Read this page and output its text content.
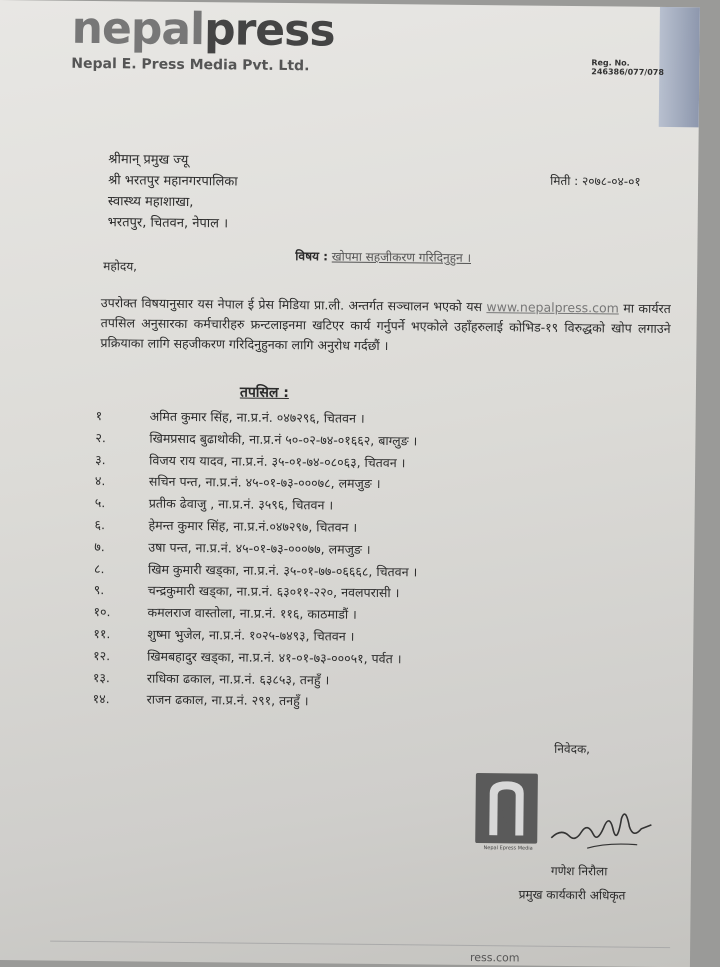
nepalpress
Nepal E. Press Media Pvt. Ltd.	Reg. No. 246386/077/078
श्रीमान् प्रमुख ज्यू
श्री भरतपुर महानगरपालिका
स्वास्थ्य महाशाखा,
भरतपुर, चितवन, नेपाल ।
मिती : २०७८-०४-०१
विषय : खोपमा सहजीकरण गरिदिनुहुन ।
महोदय,
उपरोक्त विषयानुसार यस नेपाल ई प्रेस मिडिया प्रा.ली. अन्तर्गत सञ्चालन भएको यस www.nepalpress.com मा कार्यरत तपसिल अनुसारका कर्मचारीहरु फ्रन्टलाइनमा खटिएर कार्य गर्नुपर्ने भएकोले उहाँहरुलाई कोभिड-१९ विरुद्धको खोप लगाउने प्रक्रियाका लागि सहजीकरण गरिदिनुहुनका लागि अनुरोध गर्दछौं ।
तपसिल :
१	अमित कुमार सिंह, ना.प्र.नं. ०४७२९६, चितवन ।
२.	खिमप्रसाद बुढाथोकी, ना.प्र.नं ५०-०२-७४-०१६६२, बाग्लुङ ।
३.	विजय राय यादव, ना.प्र.नं. ३५-०१-७४-०८०६३, चितवन ।
४.	सचिन पन्त, ना.प्र.नं. ४५-०१-७३-०००७८, लमजुङ ।
५.	प्रतीक ढेवाजु , ना.प्र.नं. ३५९६, चितवन ।
६.	हेमन्त कुमार सिंह, ना.प्र.नं.०४७२९७, चितवन ।
७.	उषा पन्त, ना.प्र.नं. ४५-०१-७३-०००७७, लमजुङ ।
८.	खिम कुमारी खड्का, ना.प्र.नं. ३५-०१-७७-०६६६८, चितवन ।
९.	चन्द्रकुमारी खड्का, ना.प्र.नं. ६३०११-२२०, नवलपरासी ।
१०.	कमलराज वास्तोला, ना.प्र.नं. ११६, काठमाडौं ।
११.	शुष्मा भुजेल, ना.प्र.नं. १०२५-७४९३, चितवन ।
१२.	खिमबहादुर खड्का, ना.प्र.नं. ४१-०१-७३-०००५१, पर्वत ।
१३.	राधिका ढकाल, ना.प्र.नं. ६३८५३, तनहुँ ।
१४.	राजन ढकाल, ना.प्र.नं. २९१, तनहुँ ।
निवेदक,
Nepal Epress Media
गणेश निरौला
प्रमुख कार्यकारी अधिकृत
ress.com
